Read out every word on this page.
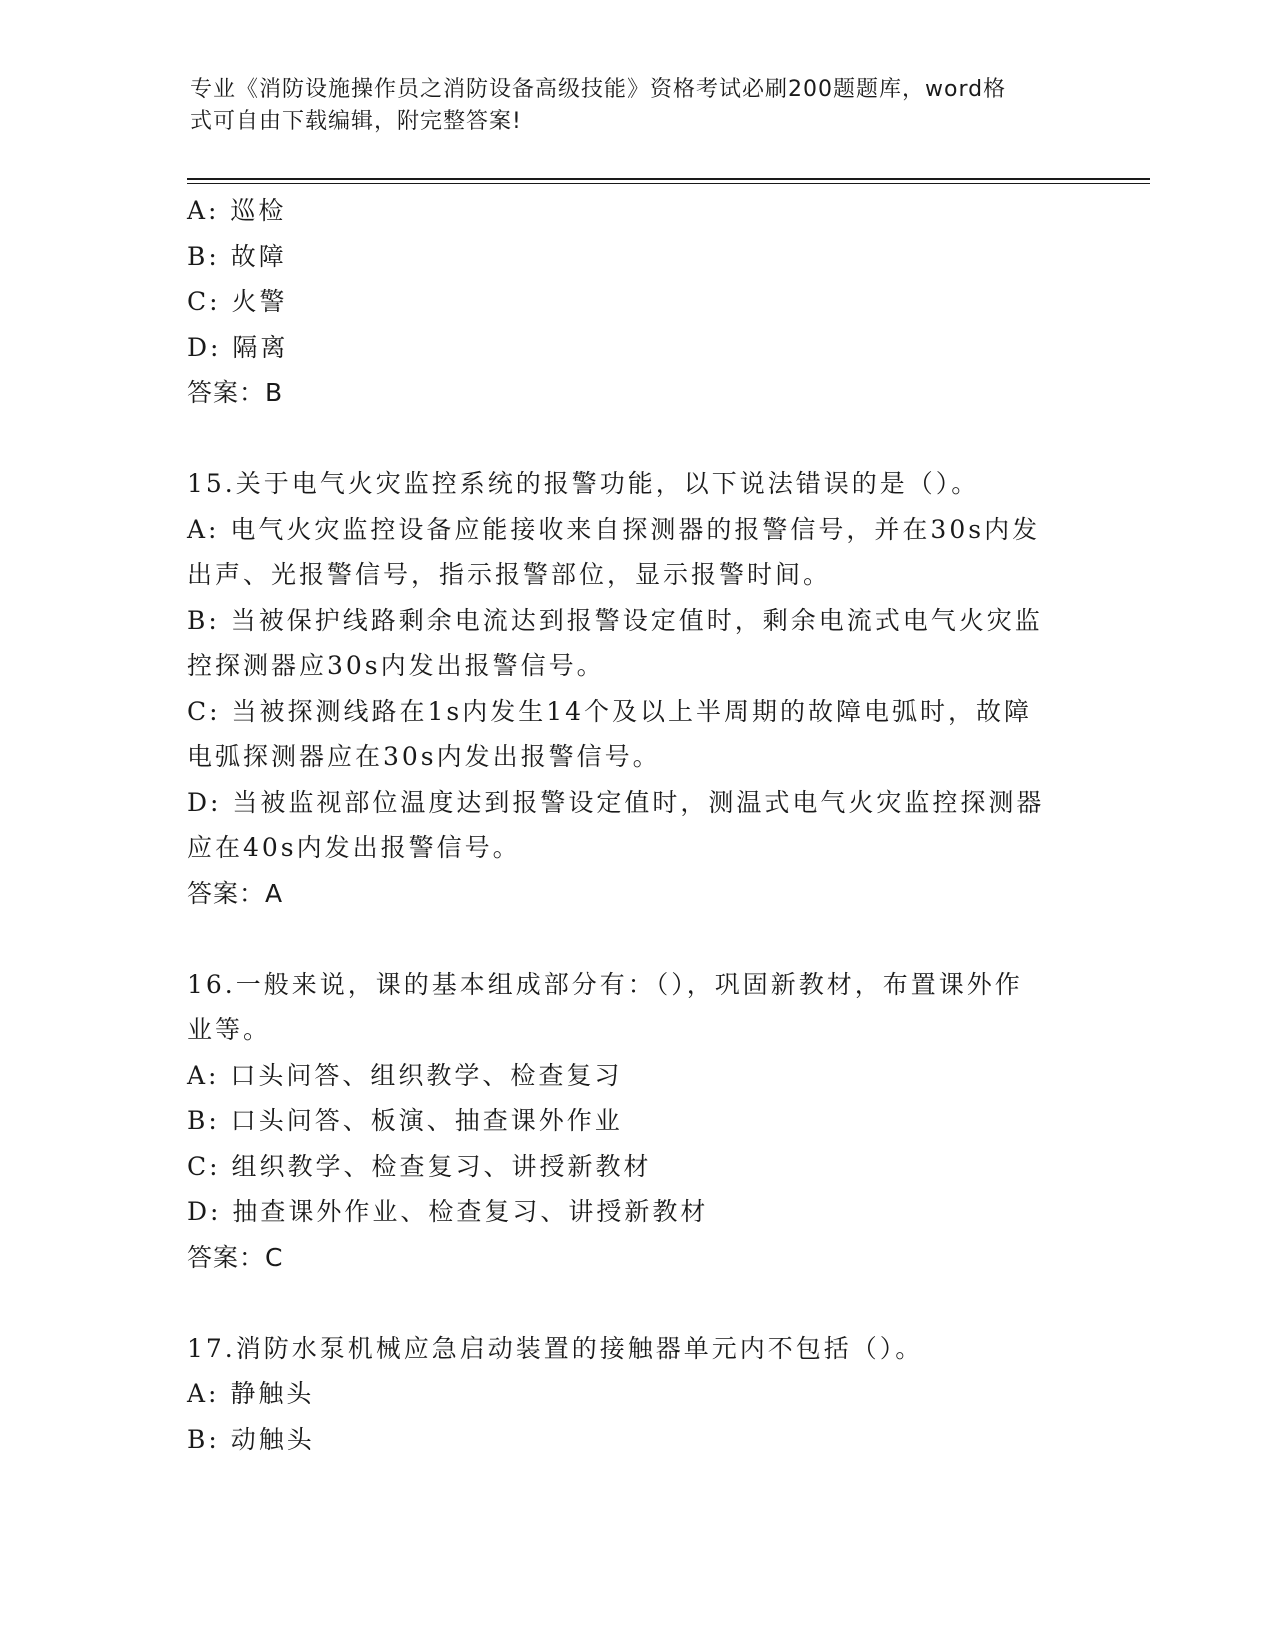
专业《消防设施操作员之消防设备高级技能》资格考试必刷200题题库，word格
式可自由下载编辑，附完整答案!
A: 巡检
B: 故障
C: 火警
D: 隔离
答案：B
15.关于电气火灾监控系统的报警功能，以下说法错误的是（）。
A: 电气火灾监控设备应能接收来自探测器的报警信号，并在30s内发
出声、光报警信号，指示报警部位，显示报警时间。
B: 当被保护线路剩余电流达到报警设定值时，剩余电流式电气火灾监
控探测器应30s内发出报警信号。
C: 当被探测线路在1s内发生14个及以上半周期的故障电弧时，故障
电弧探测器应在30s内发出报警信号。
D: 当被监视部位温度达到报警设定值时，测温式电气火灾监控探测器
应在40s内发出报警信号。
答案：A
16.一般来说，课的基本组成部分有：（），巩固新教材，布置课外作
业等。
A: 口头问答、组织教学、检查复习
B: 口头问答、板演、抽查课外作业
C: 组织教学、检查复习、讲授新教材
D: 抽查课外作业、检查复习、讲授新教材
答案：C
17.消防水泵机械应急启动装置的接触器单元内不包括（）。
A: 静触头
B: 动触头
